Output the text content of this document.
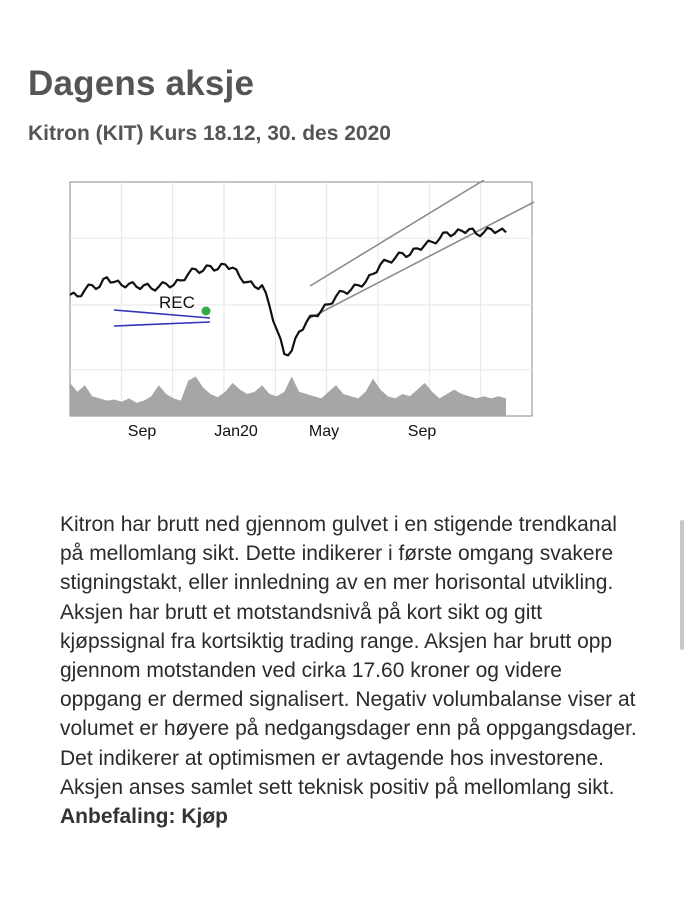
Dagens aksje
Kitron (KIT) Kurs 18.12, 30. des 2020
REC
Sep	Jan20	May	Sep

Kitron har brutt ned gjennom gulvet i en stigende trendkanal på mellomlang sikt. Dette indikerer i første omgang svakere stigningstakt, eller innledning av en mer horisontal utvikling. Aksjen har brutt et motstandsnivå på kort sikt og gitt kjøpssignal fra kortsiktig trading range. Aksjen har brutt opp gjennom motstanden ved cirka 17.60 kroner og videre oppgang er dermed signalisert. Negativ volumbalanse viser at volumet er høyere på nedgangsdager enn på oppgangsdager. Det indikerer at optimismen er avtagende hos investorene. Aksjen anses samlet sett teknisk positiv på mellomlang sikt.
Anbefaling: Kjøp
